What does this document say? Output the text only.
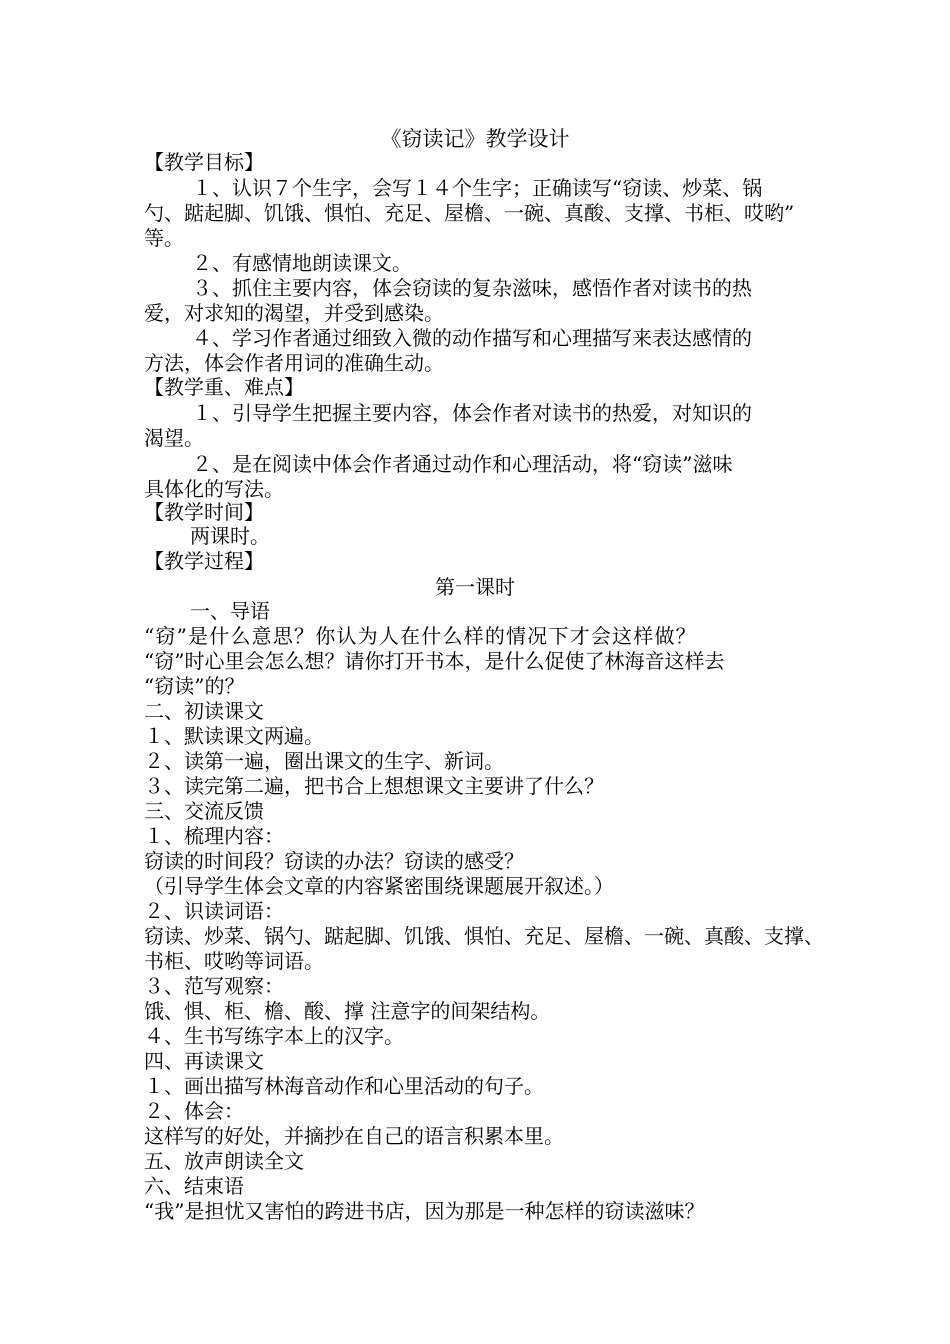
《窃读记》教学设计
【教学目标】
１、认识７个生字，会写１４个生字；正确读写“窃读、炒菜、锅
勺、踮起脚、饥饿、惧怕、充足、屋檐、一碗、真酸、支撑、书柜、哎哟”
等。
２、有感情地朗读课文。
３、抓住主要内容，体会窃读的复杂滋味，感悟作者对读书的热
爱，对求知的渴望，并受到感染。
４、学习作者通过细致入微的动作描写和心理描写来表达感情的
方法，体会作者用词的准确生动。
【教学重、难点】
１、引导学生把握主要内容，体会作者对读书的热爱，对知识的
渴望。
２、是在阅读中体会作者通过动作和心理活动，将“窃读”滋味
具体化的写法。
【教学时间】
两课时。
【教学过程】
第一课时
一、导语
“窃”是什么意思？你认为人在什么样的情况下才会这样做？
“窃”时心里会怎么想？请你打开书本，是什么促使了林海音这样去
“窃读”的？
二、初读课文
１、默读课文两遍。
２、读第一遍，圈出课文的生字、新词。
３、读完第二遍，把书合上想想课文主要讲了什么？
三、交流反馈
１、梳理内容：
窃读的时间段？窃读的办法？窃读的感受？
（引导学生体会文章的内容紧密围绕课题展开叙述。）
２、识读词语：
窃读、炒菜、锅勺、踮起脚、饥饿、惧怕、充足、屋檐、一碗、真酸、支撑、
书柜、哎哟等词语。
３、范写观察：
饿、惧、柜、檐、酸、撑 注意字的间架结构。
４、生书写练字本上的汉字。
四、再读课文
１、画出描写林海音动作和心里活动的句子。
２、体会：
这样写的好处，并摘抄在自己的语言积累本里。
五、放声朗读全文
六、结束语
“我”是担忧又害怕的跨进书店，因为那是一种怎样的窃读滋味？
